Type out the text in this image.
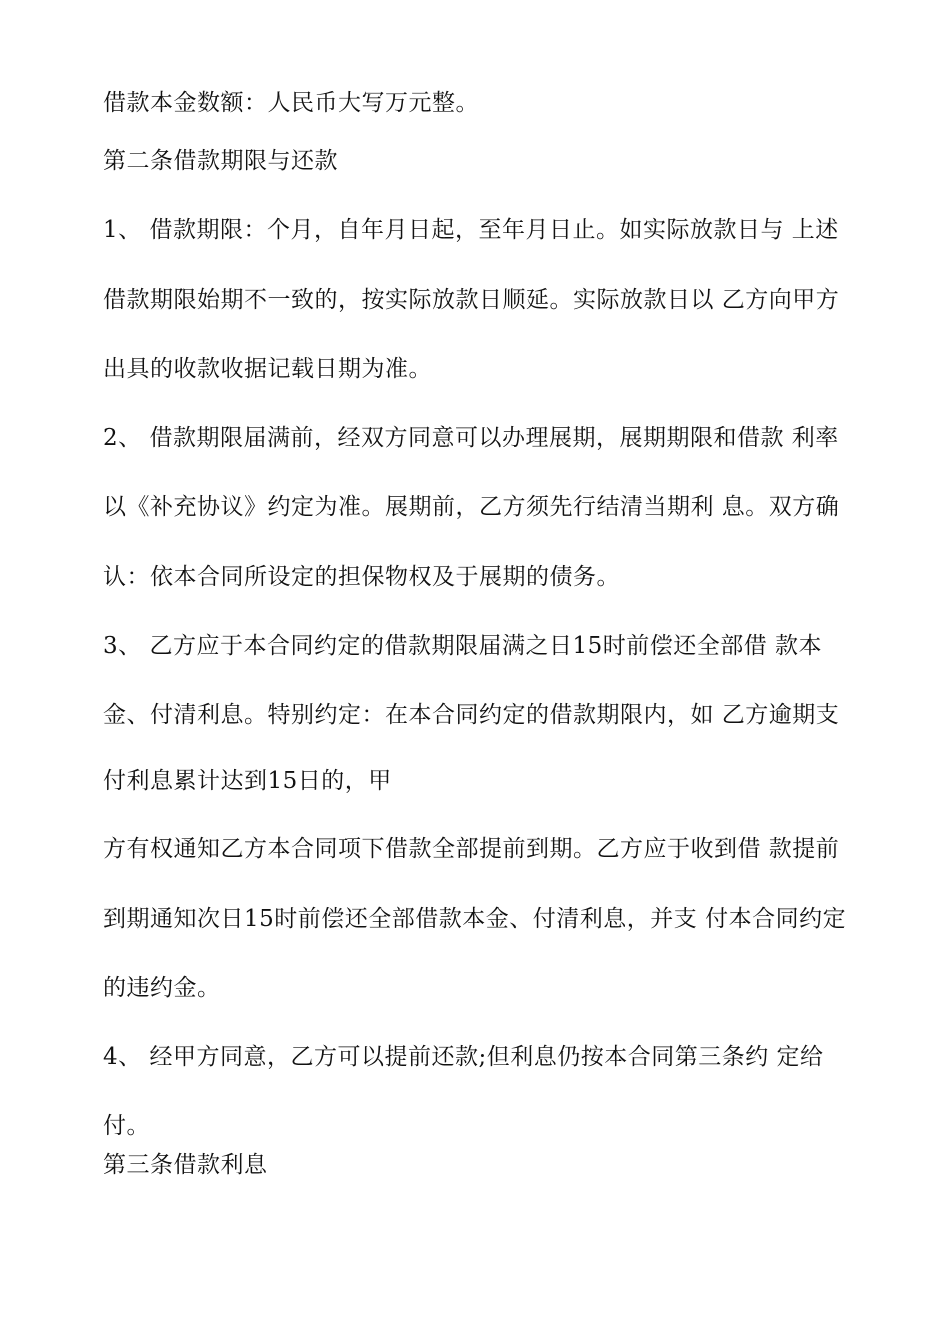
借款本金数额：人民币大写万元整。
第二条借款期限与还款
1、 借款期限：个月，自年月日起，至年月日止。如实际放款日与 上述
借款期限始期不一致的，按实际放款日顺延。实际放款日以 乙方向甲方
出具的收款收据记载日期为准。
2、 借款期限届满前，经双方同意可以办理展期，展期期限和借款 利率
以《补充协议》约定为准。展期前，乙方须先行结清当期利 息。双方确
认：依本合同所设定的担保物权及于展期的债务。
3、 乙方应于本合同约定的借款期限届满之日15时前偿还全部借 款本
金、付清利息。特别约定：在本合同约定的借款期限内，如 乙方逾期支
付利息累计达到15日的，甲
方有权通知乙方本合同项下借款全部提前到期。乙方应于收到借 款提前
到期通知次日15时前偿还全部借款本金、付清利息，并支 付本合同约定
的违约金。
4、 经甲方同意，乙方可以提前还款;但利息仍按本合同第三条约 定给
付。
第三条借款利息
